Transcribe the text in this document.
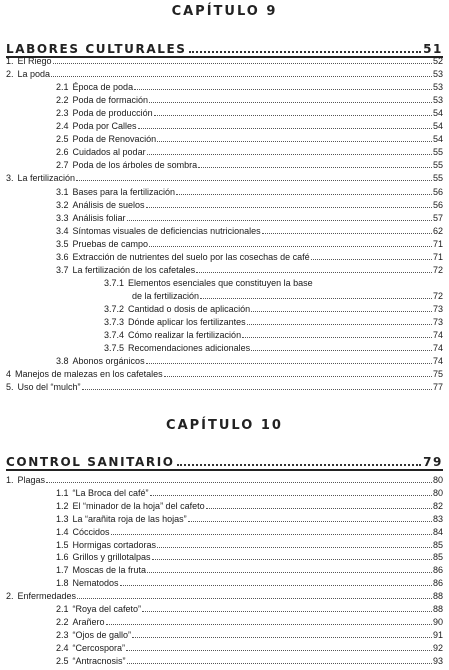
CAPÍTULO 9
LABORES CULTURALES	51
1. El Riego	52
2. La poda	53
2.1 Época de poda	53
2.2 Poda de formación	53
2.3 Poda de producción	54
2.4 Poda por Calles	54
2.5 Poda de Renovación	54
2.6 Cuidados al podar	55
2.7 Poda de los árboles de sombra	55
3. La fertilización	55
3.1 Bases para la fertilización	56
3.2 Análisis de suelos	56
3.3 Análisis foliar	57
3.4 Síntomas visuales de deficiencias nutricionales	62
3.5 Pruebas de campo	71
3.6 Extracción de nutrientes del suelo por las cosechas de café	71
3.7 La fertilización de los cafetales	72
3.7.1 Elementos esenciales que constituyen la base
de la fertilización	72
3.7.2 Cantidad o dosis de aplicación	73
3.7.3 Dónde aplicar los fertilizantes	73
3.7.4 Cómo realizar la fertilización	74
3.7.5 Recomendaciones adicionales	74
3.8 Abonos orgánicos	74
4 Manejos de malezas en los cafetales	75
5. Uso del “mulch”	77
CAPÍTULO 10
CONTROL SANITARIO	79
1. Plagas	80
1.1 “La Broca del café”	80
1.2 El “minador de la hoja” del cafeto	82
1.3 La “arañita roja de las hojas”	83
1.4 Cóccidos	84
1.5 Hormigas cortadoras	85
1.6 Grillos y grillotalpas	85
1.7 Moscas de la fruta	86
1.8 Nematodos	86
2. Enfermedades	88
2.1 “Roya del cafeto”	88
2.2 Arañero	90
2.3 “Ojos de gallo”	91
2.4 “Cercospora”	92
2.5 “Antracnosis”	93
